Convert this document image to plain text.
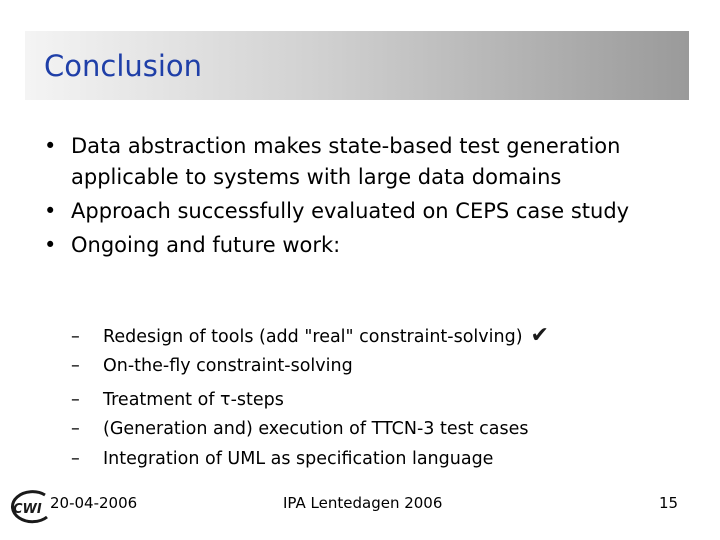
Conclusion
• Data abstraction makes state-based test generation applicable to systems with large data domains
• Approach successfully evaluated on CEPS case study
• Ongoing and future work:
– Redesign of tools (add "real" constraint-solving) ✔
– On-the-fly constraint-solving
– Treatment of τ-steps
– (Generation and) execution of TTCN-3 test cases
– Integration of UML as specification language
CWI 20-04-2006	IPA Lentedagen 2006	15
